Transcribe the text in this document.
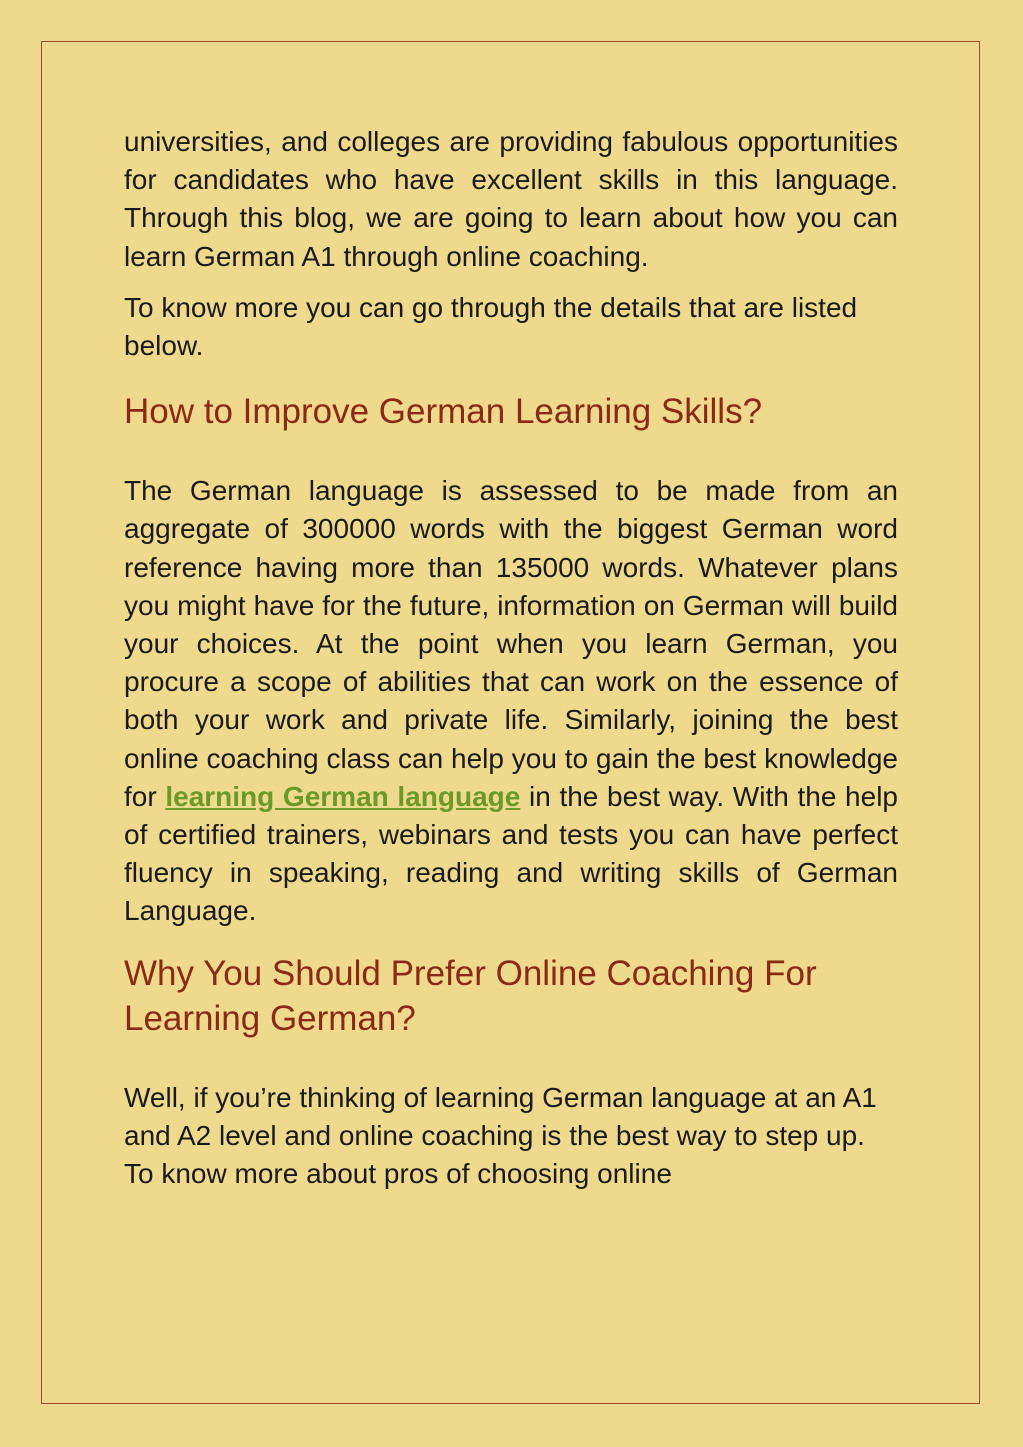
universities, and colleges are providing fabulous opportunities for candidates who have excellent skills in this language. Through this blog, we are going to learn about how you can learn German A1 through online coaching.

To know more you can go through the details that are listed below.

How to Improve German Learning Skills?

The German language is assessed to be made from an aggregate of 300000 words with the biggest German word reference having more than 135000 words. Whatever plans you might have for the future, information on German will build your choices. At the point when you learn German, you procure a scope of abilities that can work on the essence of both your work and private life. Similarly, joining the best online coaching class can help you to gain the best knowledge for learning German language in the best way. With the help of certified trainers, webinars and tests you can have perfect fluency in speaking, reading and writing skills of German Language.

Why You Should Prefer Online Coaching For Learning German?

Well, if you’re thinking of learning German language at an A1 and A2 level and online coaching is the best way to step up. To know more about pros of choosing online
